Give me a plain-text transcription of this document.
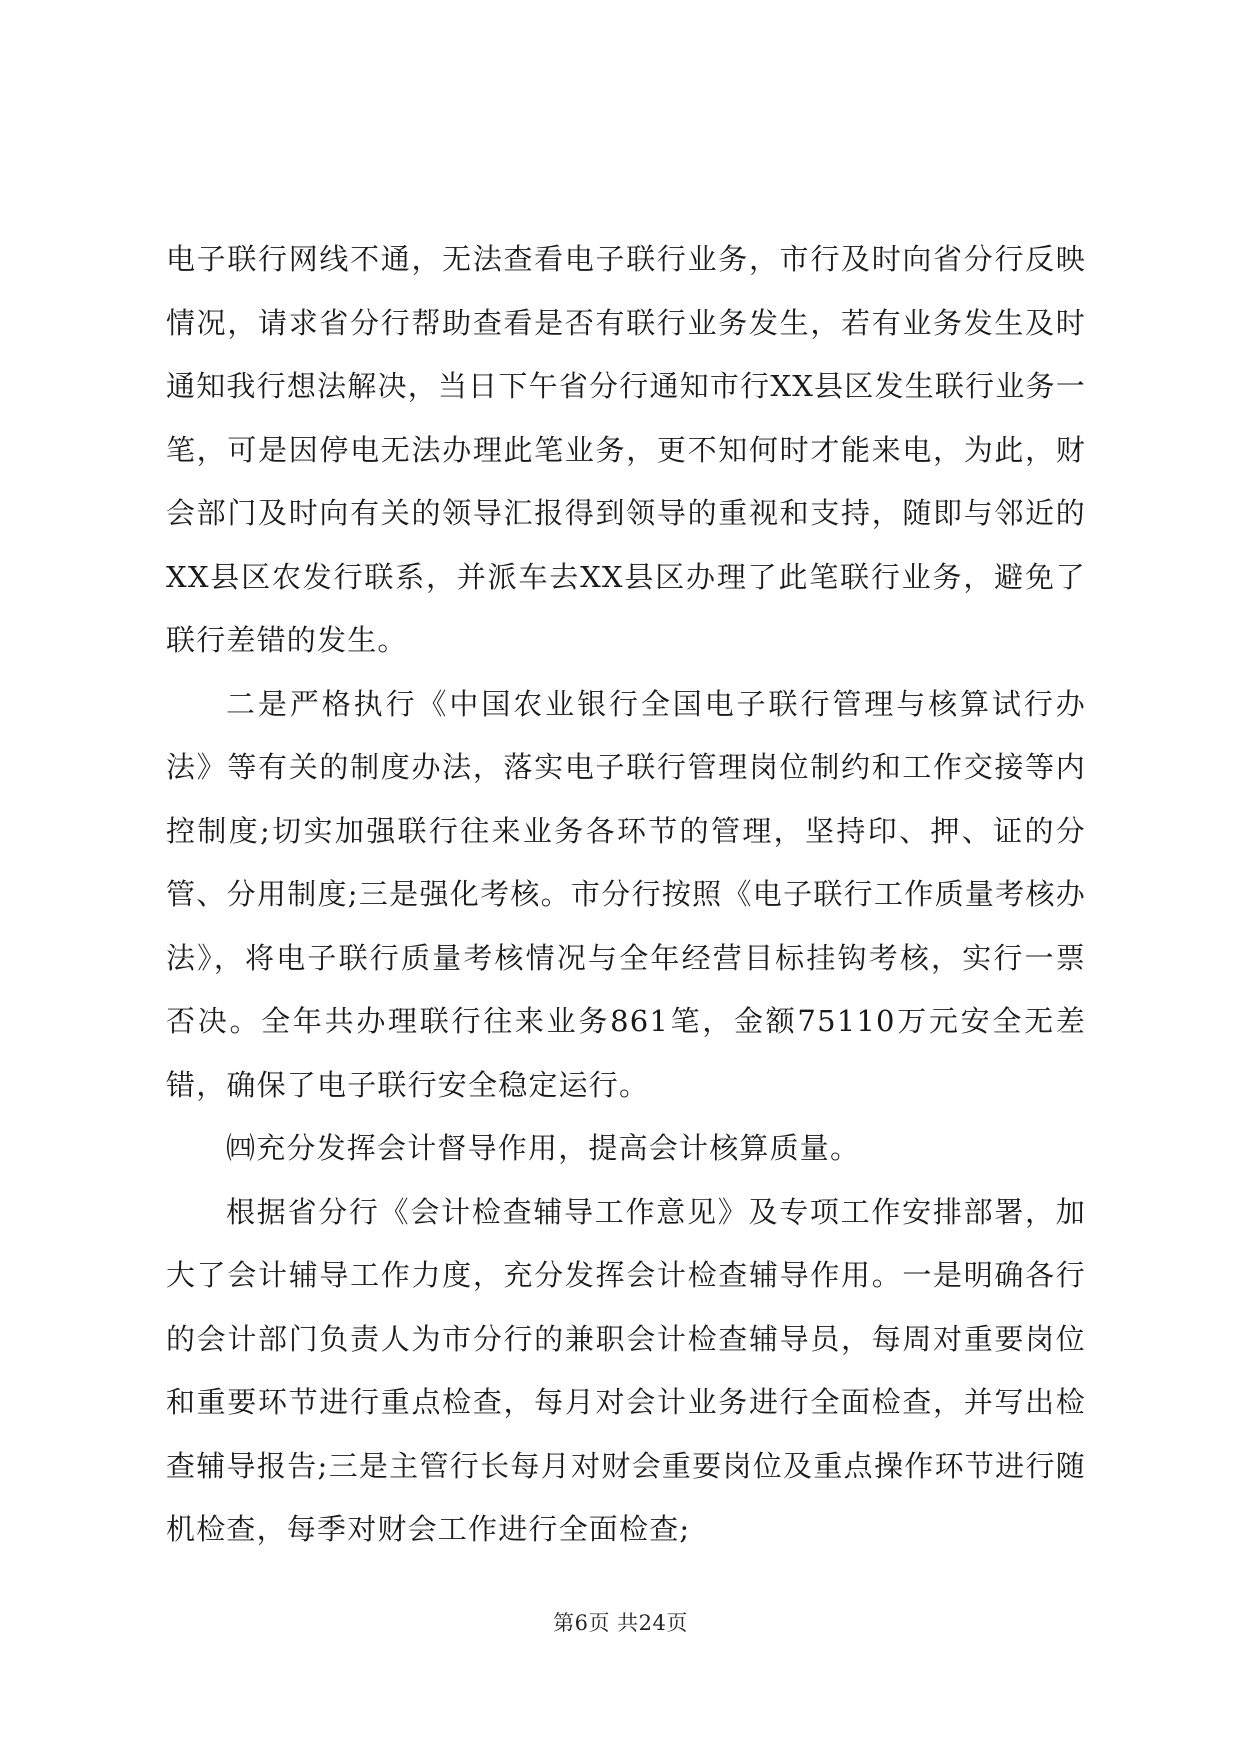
电子联行网线不通，无法查看电子联行业务，市行及时向省分行反映情况，请求省分行帮助查看是否有联行业务发生，若有业务发生及时通知我行想法解决，当日下午省分行通知市行XX县区发生联行业务一笔，可是因停电无法办理此笔业务，更不知何时才能来电，为此，财会部门及时向有关的领导汇报得到领导的重视和支持，随即与邻近的XX县区农发行联系，并派车去XX县区办理了此笔联行业务，避免了联行差错的发生。

二是严格执行《中国农业银行全国电子联行管理与核算试行办法》等有关的制度办法，落实电子联行管理岗位制约和工作交接等内控制度;切实加强联行往来业务各环节的管理，坚持印、押、证的分管、分用制度;三是强化考核。市分行按照《电子联行工作质量考核办法》，将电子联行质量考核情况与全年经营目标挂钩考核，实行一票否决。全年共办理联行往来业务861笔，金额75110万元安全无差错，确保了电子联行安全稳定运行。

㈣充分发挥会计督导作用，提高会计核算质量。

根据省分行《会计检查辅导工作意见》及专项工作安排部署，加大了会计辅导工作力度，充分发挥会计检查辅导作用。一是明确各行的会计部门负责人为市分行的兼职会计检查辅导员，每周对重要岗位和重要环节进行重点检查，每月对会计业务进行全面检查，并写出检查辅导报告;三是主管行长每月对财会重要岗位及重点操作环节进行随机检查，每季对财会工作进行全面检查;

第6页 共24页
